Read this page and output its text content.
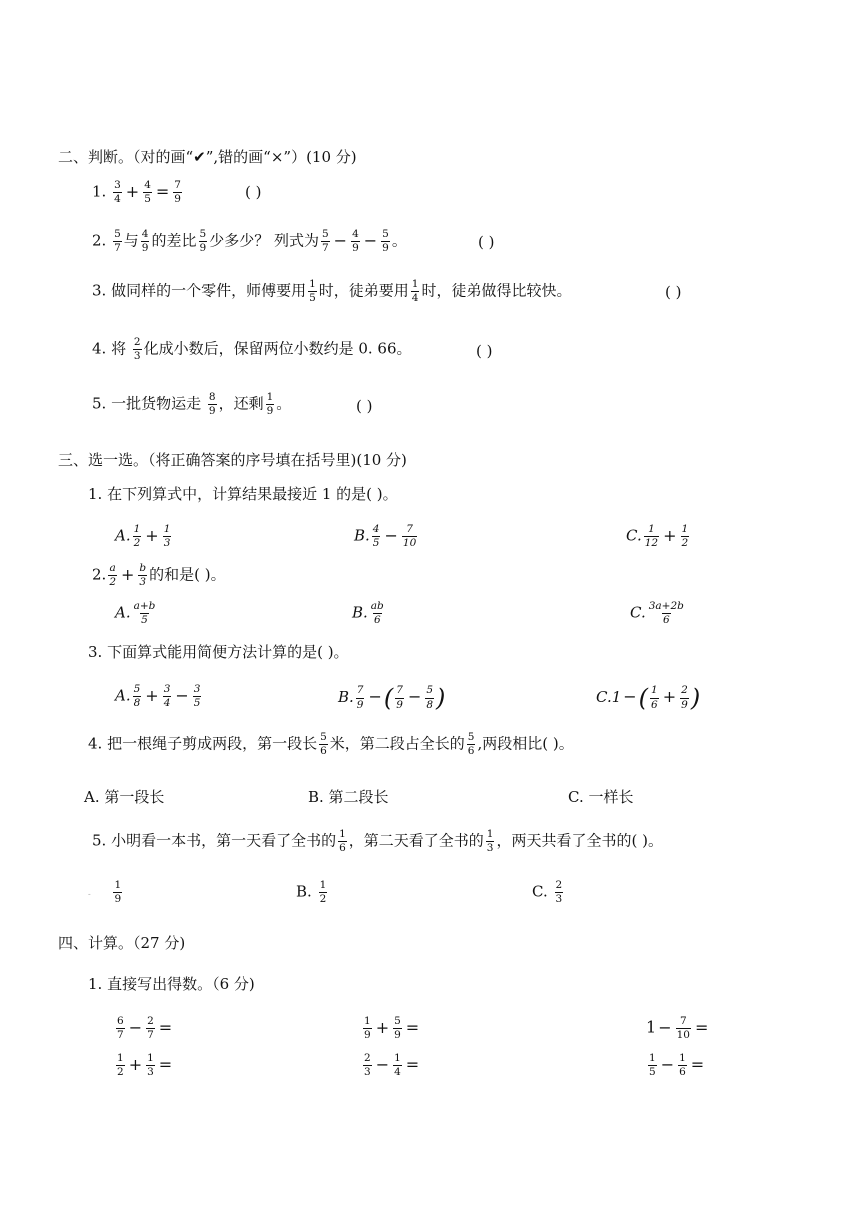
二、判断。（对的画“✔”,错的画“×”）(10 分)
1. $\frac{3}{4} + \frac{4}{5} = \frac{7}{9}$	( )
2. $\frac{5}{7}$ 与 $\frac{4}{9}$ 的差比 $\frac{5}{9}$ 少多少？ 列式为 $\frac{5}{7} - \frac{4}{9} - \frac{5}{9}$ 。	( )
3. 做同样的一个零件，师傅要用 $\frac{1}{5}$ 时，徒弟要用 $\frac{1}{4}$ 时，徒弟做得比较快。	( )
4. 将 $\frac{2}{3}$ 化成小数后，保留两位小数约是 0. 66。	( )
5. 一批货物运走 $\frac{8}{9}$ ，还剩 $\frac{1}{9}$ 。	( )
三、选一选。（将正确答案的序号填在括号里)(10 分)
1. 在下列算式中，计算结果最接近 1 的是( )。
A. $\frac{1}{2} + \frac{1}{3}$	B. $\frac{4}{5} - \frac{7}{10}$	C. $\frac{1}{12} + \frac{1}{2}$
2. $\frac{a}{2} + \frac{b}{3}$ 的和是( )。
A. $\frac{a+b}{5}$	B. $\frac{ab}{6}$	C. $\frac{3a+2b}{6}$
3. 下面算式能用简便方法计算的是( )。
A. $\frac{5}{8} + \frac{3}{4} - \frac{3}{5}$	B. $\frac{7}{9}$ −( $\frac{7}{9} - \frac{5}{8}$ )	C.1 −( $\frac{1}{6} + \frac{2}{9}$ )
4. 把一根绳子剪成两段，第一段长 $\frac{5}{6}$ 米，第二段占全长的 $\frac{5}{6}$ ,两段相比( )。
A. 第一段长	B. 第二段长	C. 一样长
5. 小明看一本书，第一天看了全书的 $\frac{1}{6}$ ，第二天看了全书的 $\frac{1}{3}$ ，两天共看了全书的( )。
- $\frac{1}{9}$	B. $\frac{1}{2}$	C. $\frac{2}{3}$
四、计算。（27 分)
1. 直接写出得数。（6 分)
$\frac{6}{7} - \frac{2}{7}$ =	$\frac{1}{9} + \frac{5}{9}$ =	$1 - \frac{7}{10}$ =
$\frac{1}{2} + \frac{1}{3}$ =	$\frac{2}{3} - \frac{1}{4}$ =	$\frac{1}{5} - \frac{1}{6}$ =
